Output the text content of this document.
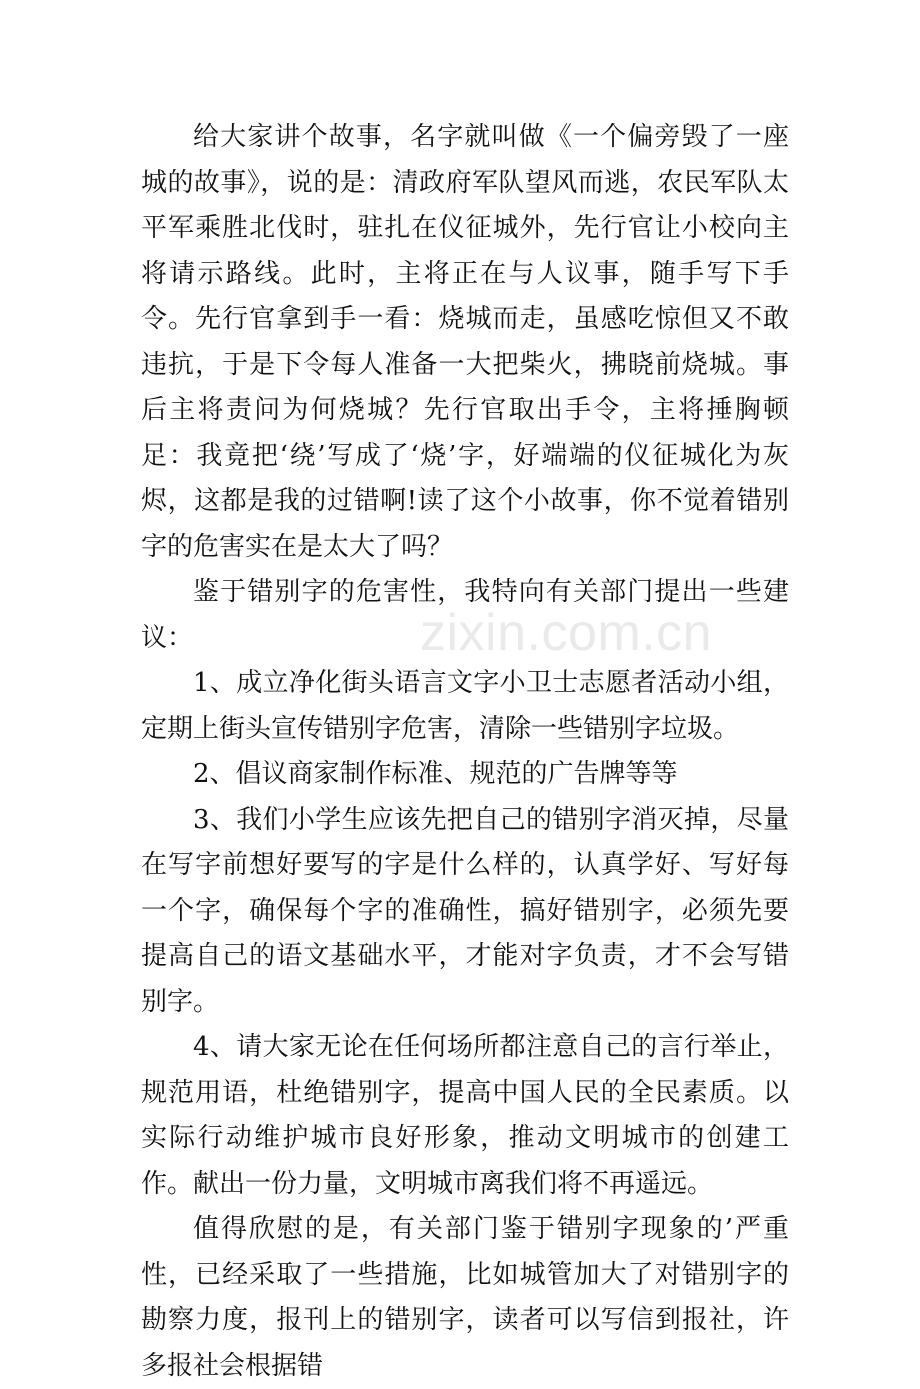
给大家讲个故事，名字就叫做《一个偏旁毁了一座城的故事》，说的是：清政府军队望风而逃，农民军队太平军乘胜北伐时，驻扎在仪征城外，先行官让小校向主将请示路线。此时，主将正在与人议事，随手写下手令。先行官拿到手一看：烧城而走，虽感吃惊但又不敢违抗，于是下令每人准备一大把柴火，拂晓前烧城。事后主将责问为何烧城？先行官取出手令，主将捶胸顿足：我竟把‘绕’写成了‘烧’字，好端端的仪征城化为灰烬，这都是我的过错啊!读了这个小故事，你不觉着错别字的危害实在是太大了吗？

鉴于错别字的危害性，我特向有关部门提出一些建议：

1、成立净化街头语言文字小卫士志愿者活动小组，定期上街头宣传错别字危害，清除一些错别字垃圾。

2、倡议商家制作标准、规范的广告牌等等

3、我们小学生应该先把自己的错别字消灭掉，尽量在写字前想好要写的字是什么样的，认真学好、写好每一个字，确保每个字的准确性，搞好错别字，必须先要提高自己的语文基础水平，才能对字负责，才不会写错别字。

4、请大家无论在任何场所都注意自己的言行举止，规范用语，杜绝错别字，提高中国人民的全民素质。以实际行动维护城市良好形象，推动文明城市的创建工作。献出一份力量，文明城市离我们将不再遥远。

值得欣慰的是，有关部门鉴于错别字现象的’严重性，已经采取了一些措施，比如城管加大了对错别字的勘察力度，报刊上的错别字，读者可以写信到报社，许多报社会根据错

zixin.com.cn
